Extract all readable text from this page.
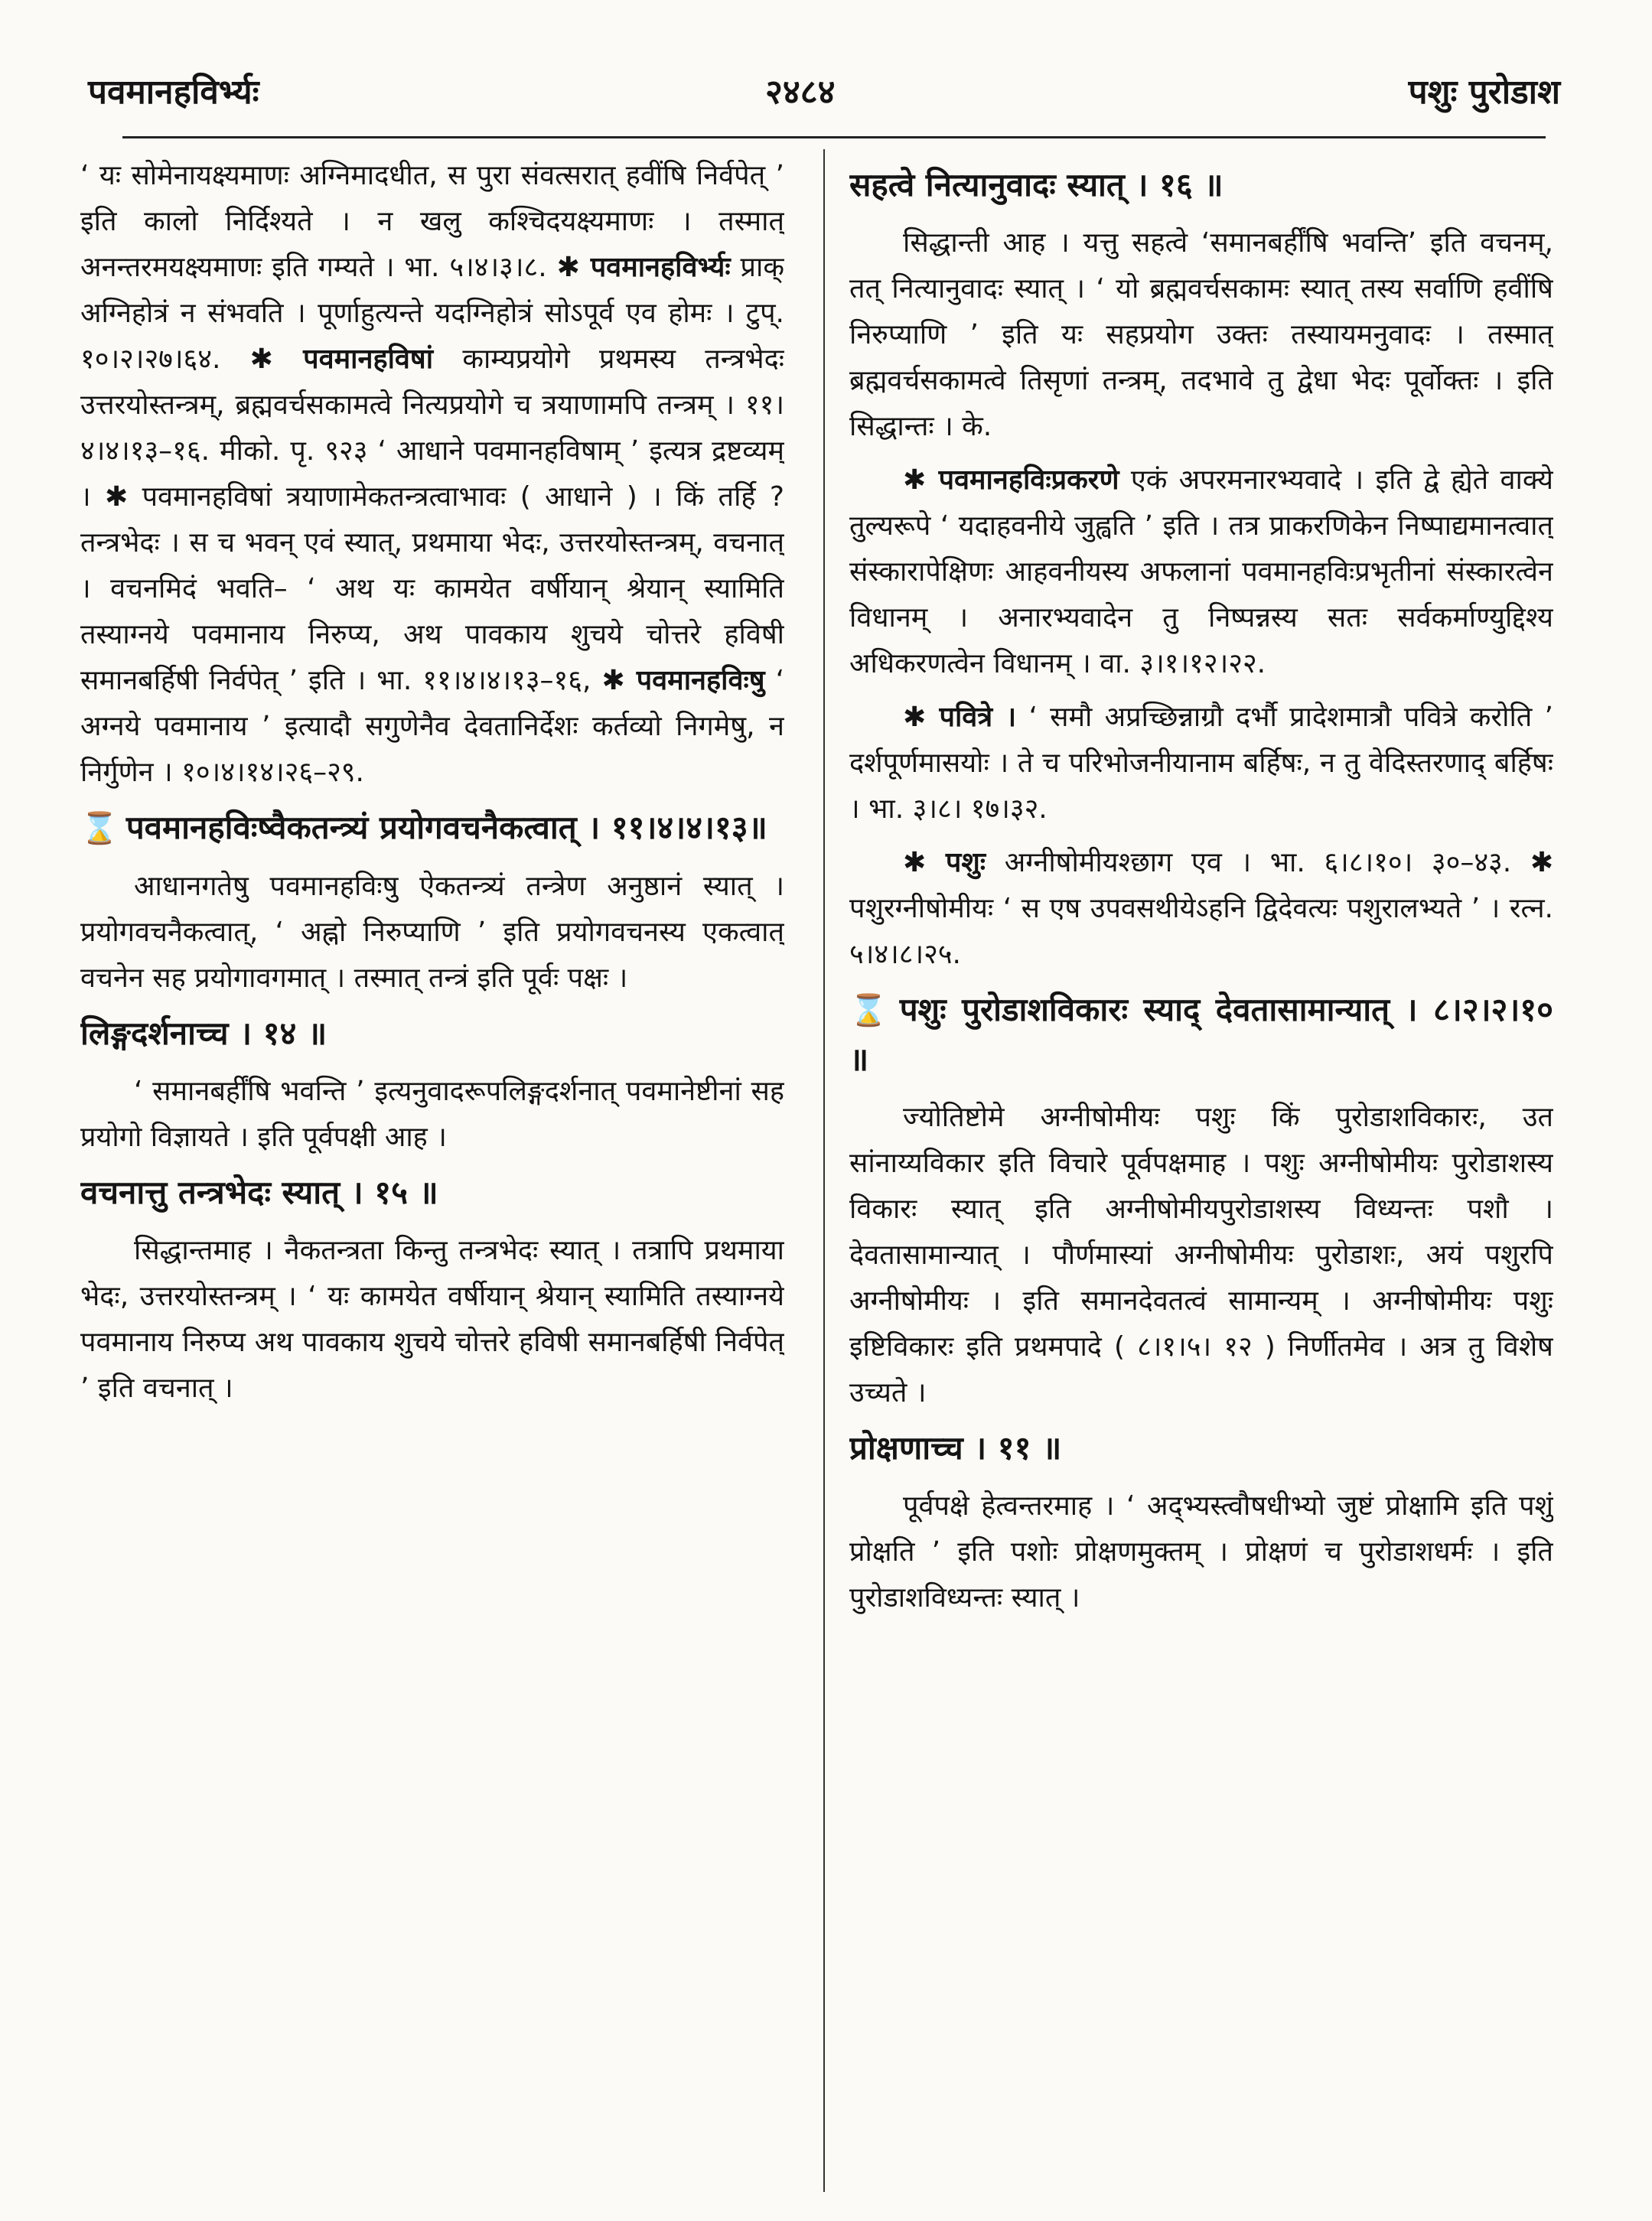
पवमानहविर्भ्यः	२४८४	पशुः पुरोडाश

‘ यः सोमेनायक्ष्यमाणः अग्निमादधीत, स पुरा संवत्सरात् हवींषि निर्वपेत् ’ इति कालो निर्दिश्यते । न खलु कश्चिदयक्ष्यमाणः । तस्मात् अनन्तरमयक्ष्यमाणः इति गम्यते । भा. ५।४।३।८. ✱ पवमानहविर्भ्यः प्राक् अग्निहोत्रं न संभवति । पूर्णाहुत्यन्ते यदग्निहोत्रं सोऽपूर्व एव होमः । टुप्. १०।२।२७।६४. ✱ पवमानहविषां काम्यप्रयोगे प्रथमस्य तन्त्रभेदः उत्तरयोस्तन्त्रम्, ब्रह्मवर्चसकामत्वे नित्यप्रयोगे च त्रयाणामपि तन्त्रम् । ११। ४।४।१३–१६. मीको. पृ. ९२३ ‘ आधाने पवमानहविषाम् ’ इत्यत्र द्रष्टव्यम् । ✱ पवमानहविषां त्रयाणामेकतन्त्रत्वाभावः ( आधाने ) । किं तर्हि ? तन्त्रभेदः । स च भवन् एवं स्यात्, प्रथमाया भेदः, उत्तरयोस्तन्त्रम्, वचनात् । वचनमिदं भवति– ‘ अथ यः कामयेत वर्षीयान् श्रेयान् स्यामिति तस्याग्नये पवमानाय निरुप्य, अथ पावकाय शुचये चोत्तरे हविषी समानबर्हिषी निर्वपेत् ’ इति । भा. ११।४।४।१३–१६, ✱ पवमानहविःषु ‘ अग्नये पवमानाय ’ इत्यादौ सगुणेनैव देवतानिर्देशः कर्तव्यो निगमेषु, न निर्गुणेन । १०।४।१४।२६–२९.

⌛ पवमानहविःष्वैकतन्त्र्यं प्रयोगवचनैकत्वात् । ११।४।४।१३॥

आधानगतेषु पवमानहविःषु ऐकतन्त्र्यं तन्त्रेण अनुष्ठानं स्यात् । प्रयोगवचनैकत्वात्, ‘ अह्नो निरुप्याणि ’ इति प्रयोगवचनस्य एकत्वात् वचनेन सह प्रयोगावगमात् । तस्मात् तन्त्रं इति पूर्वः पक्षः ।

लिङ्गदर्शनाच्च । १४ ॥

‘ समानबर्हींषि भवन्ति ’ इत्यनुवादरूपलिङ्गदर्शनात् पवमानेष्टीनां सह प्रयोगो विज्ञायते । इति पूर्वपक्षी आह ।

वचनात्तु तन्त्रभेदः स्यात् । १५ ॥

सिद्धान्तमाह । नैकतन्त्रता किन्तु तन्त्रभेदः स्यात् । तत्रापि प्रथमाया भेदः, उत्तरयोस्तन्त्रम् । ‘ यः कामयेत वर्षीयान् श्रेयान् स्यामिति तस्याग्नये पवमानाय निरुप्य अथ पावकाय शुचये चोत्तरे हविषी समानबर्हिषी निर्वपेत् ’ इति वचनात् ।

सहत्वे नित्यानुवादः स्यात् । १६ ॥

सिद्धान्ती आह । यत्तु सहत्वे ‘समानबर्हींषि भवन्ति’ इति वचनम्, तत् नित्यानुवादः स्यात् । ‘ यो ब्रह्मवर्चसकामः स्यात् तस्य सर्वाणि हवींषि निरुप्याणि ’ इति यः सहप्रयोग उक्तः तस्यायमनुवादः । तस्मात् ब्रह्मवर्चसकामत्वे तिसृणां तन्त्रम्, तदभावे तु द्वेधा भेदः पूर्वोक्तः । इति सिद्धान्तः । के.

✱ पवमानहविःप्रकरणे एकं अपरमनारभ्यवादे । इति द्वे ह्येते वाक्ये तुल्यरूपे ‘ यदाहवनीये जुह्वति ’ इति । तत्र प्राकरणिकेन निष्पाद्यमानत्वात् संस्कारापेक्षिणः आहवनीयस्य अफलानां पवमानहविःप्रभृतीनां संस्कारत्वेन विधानम् । अनारभ्यवादेन तु निष्पन्नस्य सतः सर्वकर्माण्युद्दिश्य अधिकरणत्वेन विधानम् । वा. ३।१।१२।२२.

✱ पवित्रे । ‘ समौ अप्रच्छिन्नाग्रौ दर्भौ प्रादेशमात्रौ पवित्रे करोति ’ दर्शपूर्णमासयोः । ते च परिभोजनीयानाम बर्हिषः, न तु वेदिस्तरणाद् बर्हिषः । भा. ३।८। १७।३२.

✱ पशुः अग्नीषोमीयश्छाग एव । भा. ६।८।१०। ३०–४३. ✱ पशुरग्नीषोमीयः ‘ स एष उपवसथीयेऽहनि द्विदेवत्यः पशुरालभ्यते ’ । रत्न. ५।४।८।२५.

⌛ पशुः पुरोडाशविकारः स्याद् देवतासामान्यात् । ८।२।२।१० ॥

ज्योतिष्टोमे अग्नीषोमीयः पशुः किं पुरोडाशविकारः, उत सांनाय्यविकार इति विचारे पूर्वपक्षमाह । पशुः अग्नीषोमीयः पुरोडाशस्य विकारः स्यात् इति अग्नीषोमीयपुरोडाशस्य विध्यन्तः पशौ । देवतासामान्यात् । पौर्णमास्यां अग्नीषोमीयः पुरोडाशः, अयं पशुरपि अग्नीषोमीयः । इति समानदेवतत्वं सामान्यम् । अग्नीषोमीयः पशुः इष्टिविकारः इति प्रथमपादे ( ८।१।५। १२ ) निर्णीतमेव । अत्र तु विशेष उच्यते ।

प्रोक्षणाच्च । ११ ॥

पूर्वपक्षे हेत्वन्तरमाह । ‘ अद्भ्यस्त्वौषधीभ्यो जुष्टं प्रोक्षामि इति पशुं प्रोक्षति ’ इति पशोः प्रोक्षणमुक्तम् । प्रोक्षणं च पुरोडाशधर्मः । इति पुरोडाशविध्यन्तः स्यात् ।
